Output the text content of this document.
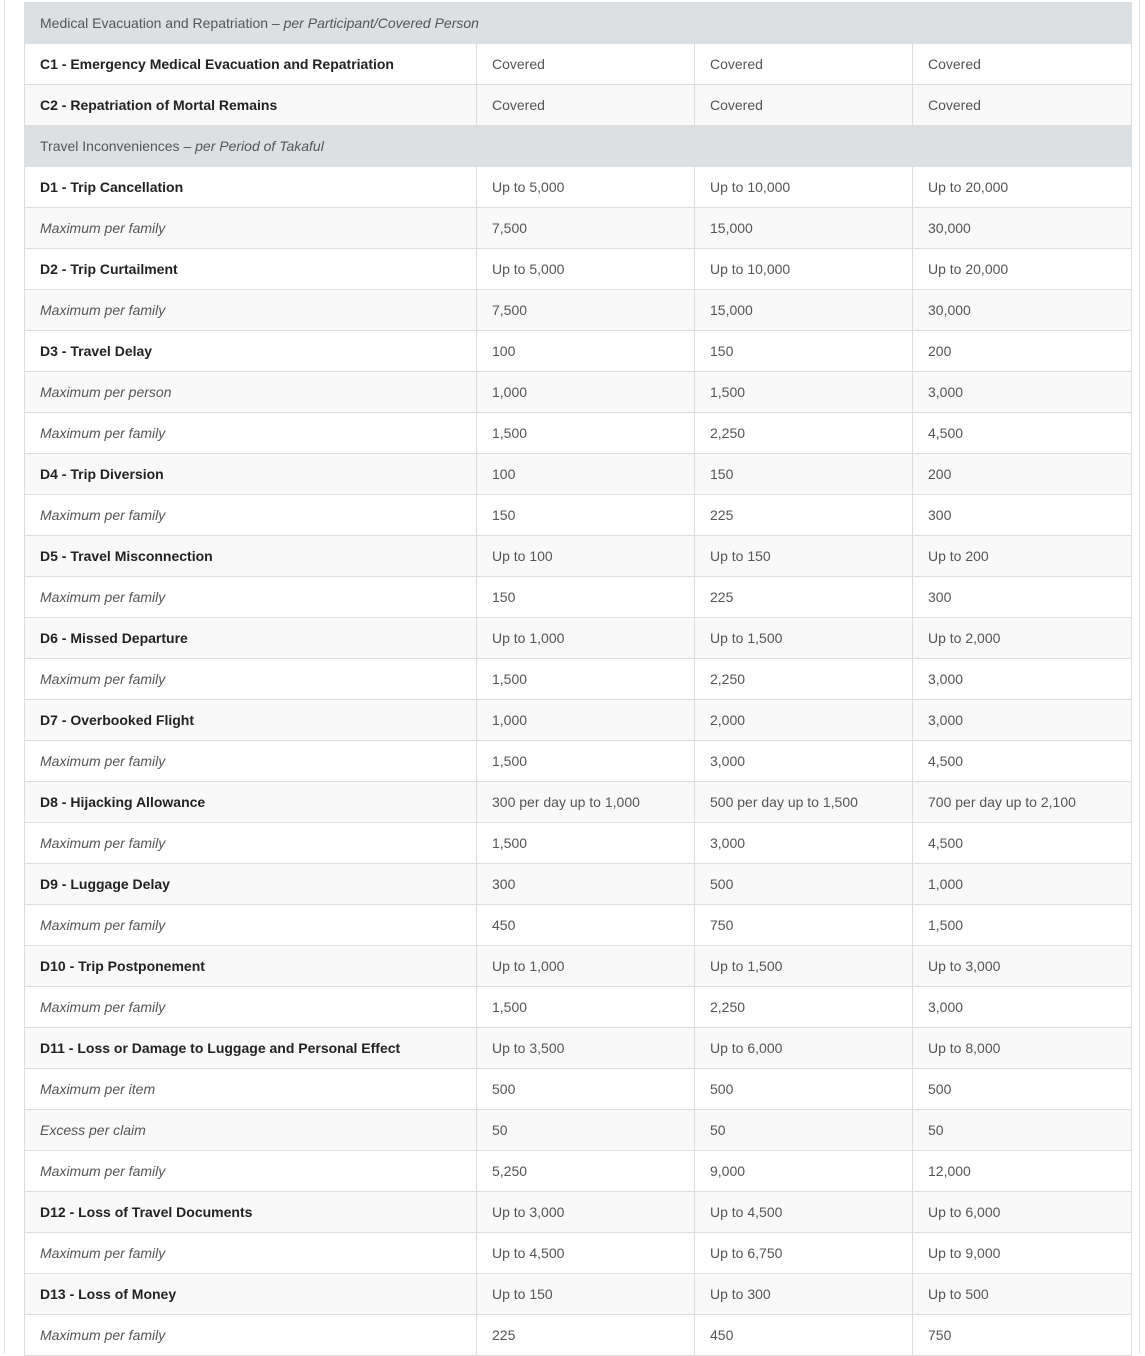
Medical Evacuation and Repatriation – per Participant/Covered Person			
C1 - Emergency Medical Evacuation and Repatriation	Covered	Covered	Covered
C2 - Repatriation of Mortal Remains	Covered	Covered	Covered
Travel Inconveniences – per Period of Takaful			
D1 - Trip Cancellation	Up to 5,000	Up to 10,000	Up to 20,000
Maximum per family	7,500	15,000	30,000
D2 - Trip Curtailment	Up to 5,000	Up to 10,000	Up to 20,000
Maximum per family	7,500	15,000	30,000
D3 - Travel Delay	100	150	200
Maximum per person	1,000	1,500	3,000
Maximum per family	1,500	2,250	4,500
D4 - Trip Diversion	100	150	200
Maximum per family	150	225	300
D5 - Travel Misconnection	Up to 100	Up to 150	Up to 200
Maximum per family	150	225	300
D6 - Missed Departure	Up to 1,000	Up to 1,500	Up to 2,000
Maximum per family	1,500	2,250	3,000
D7 - Overbooked Flight	1,000	2,000	3,000
Maximum per family	1,500	3,000	4,500
D8 - Hijacking Allowance	300 per day up to 1,000	500 per day up to 1,500	700 per day up to 2,100
Maximum per family	1,500	3,000	4,500
D9 - Luggage Delay	300	500	1,000
Maximum per family	450	750	1,500
D10 - Trip Postponement	Up to 1,000	Up to 1,500	Up to 3,000
Maximum per family	1,500	2,250	3,000
D11 - Loss or Damage to Luggage and Personal Effect	Up to 3,500	Up to 6,000	Up to 8,000
Maximum per item	500	500	500
Excess per claim	50	50	50
Maximum per family	5,250	9,000	12,000
D12 - Loss of Travel Documents	Up to 3,000	Up to 4,500	Up to 6,000
Maximum per family	Up to 4,500	Up to 6,750	Up to 9,000
D13 - Loss of Money	Up to 150	Up to 300	Up to 500
Maximum per family	225	450	750
